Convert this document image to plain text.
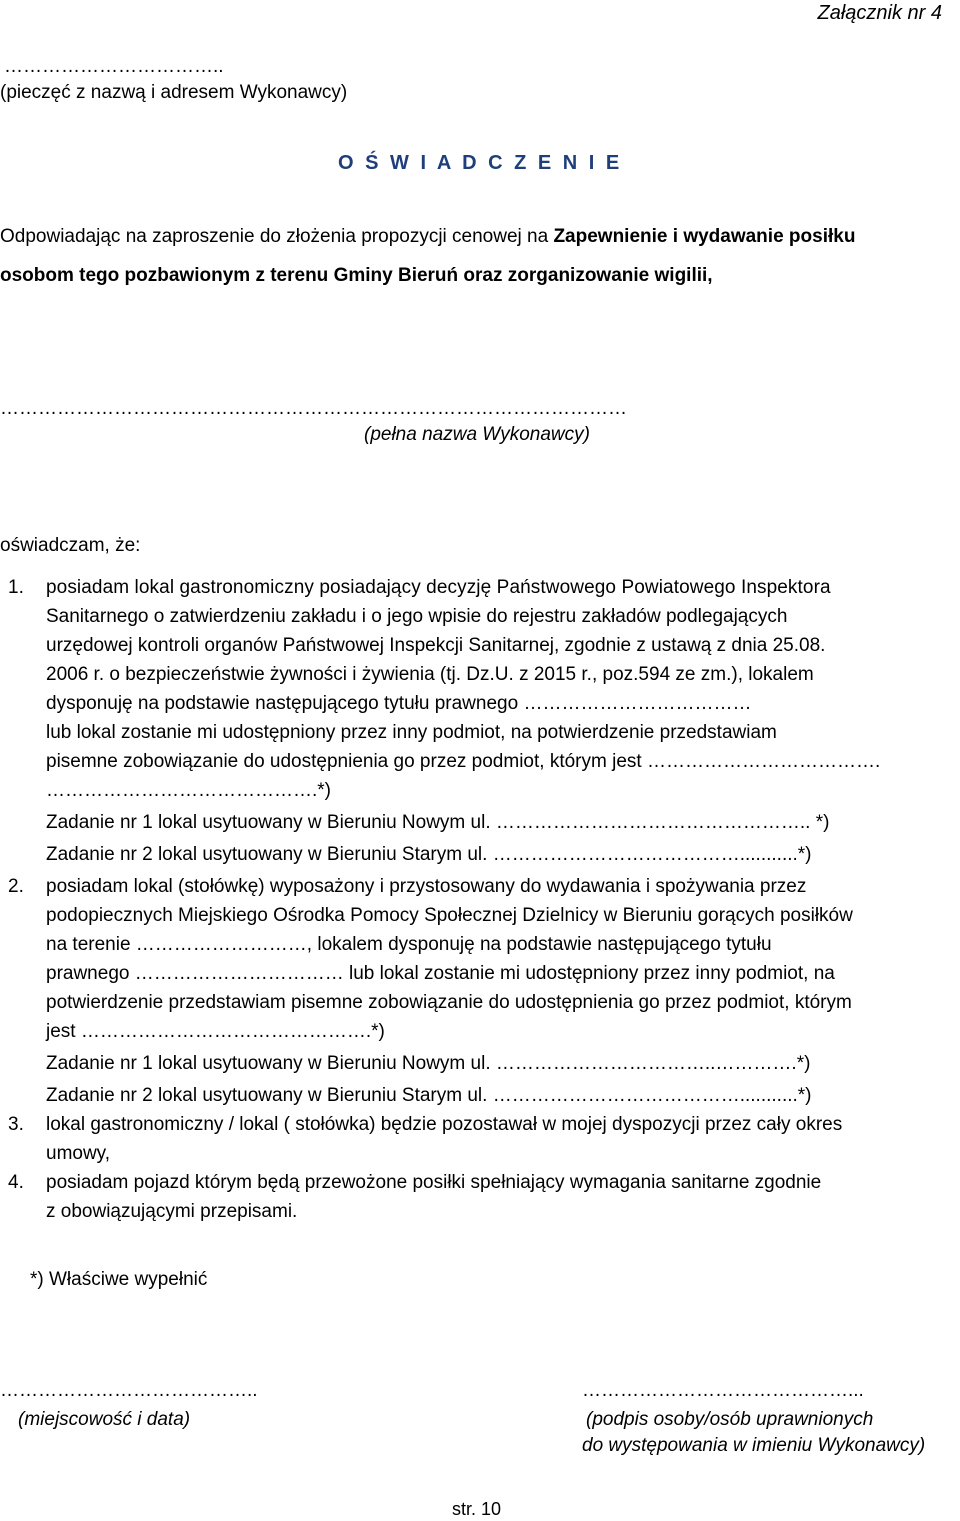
Załącznik nr 4
……………………………..
(pieczęć z nazwą i adresem Wykonawcy)
O Ś W I A D C Z E N I E
Odpowiadając na zaproszenie do złożenia propozycji cenowej na Zapewnienie i wydawanie posiłku
osobom tego pozbawionym z terenu Gminy Bieruń oraz zorganizowanie wigilii,
………………………………………………………………………………………
(pełna nazwa Wykonawcy)
oświadczam, że:
1. posiadam lokal gastronomiczny posiadający decyzję Państwowego Powiatowego Inspektora
Sanitarnego o zatwierdzeniu zakładu i o jego wpisie do rejestru zakładów podlegających
urzędowej kontroli organów Państwowej Inspekcji Sanitarnej, zgodnie z ustawą z dnia 25.08.
2006 r. o bezpieczeństwie żywności i żywienia (tj. Dz.U. z 2015 r., poz.594 ze zm.), lokalem
dysponuję na podstawie następującego tytułu prawnego ………………………………
lub lokal zostanie mi udostępniony przez inny podmiot, na potwierdzenie przedstawiam
pisemne zobowiązanie do udostępnienia go przez podmiot, którym jest ……………………………….
…………………………………….*)
Zadanie nr 1 lokal usytuowany w Bieruniu Nowym ul. ………………………………………….. *)
Zadanie nr 2 lokal usytuowany w Bieruniu Starym ul. …………………………………...........*)
2. posiadam lokal (stołówkę) wyposażony i przystosowany do wydawania i spożywania przez
podopiecznych Miejskiego Ośrodka Pomocy Społecznej Dzielnicy w Bieruniu gorących posiłków
na terenie ………………………, lokalem dysponuję na podstawie następującego tytułu
prawnego …………………………… lub lokal zostanie mi udostępniony przez inny podmiot, na
potwierdzenie przedstawiam pisemne zobowiązanie do udostępnienia go przez podmiot, którym
jest ……………………………………….*)
Zadanie nr 1 lokal usytuowany w Bieruniu Nowym ul. ……………………………..………….*)
Zadanie nr 2 lokal usytuowany w Bieruniu Starym ul. …………………………………...........*)
3. lokal gastronomiczny / lokal ( stołówka) będzie pozostawał w mojej dyspozycji przez cały okres
umowy,
4. posiadam pojazd którym będą przewożone posiłki spełniający wymagania sanitarne zgodnie
z obowiązującymi przepisami.
*) Właściwe wypełnić
…………………………………..
(miejscowość i data)
……………………………………...
(podpis osoby/osób uprawnionych
do występowania w imieniu Wykonawcy)
str. 10
